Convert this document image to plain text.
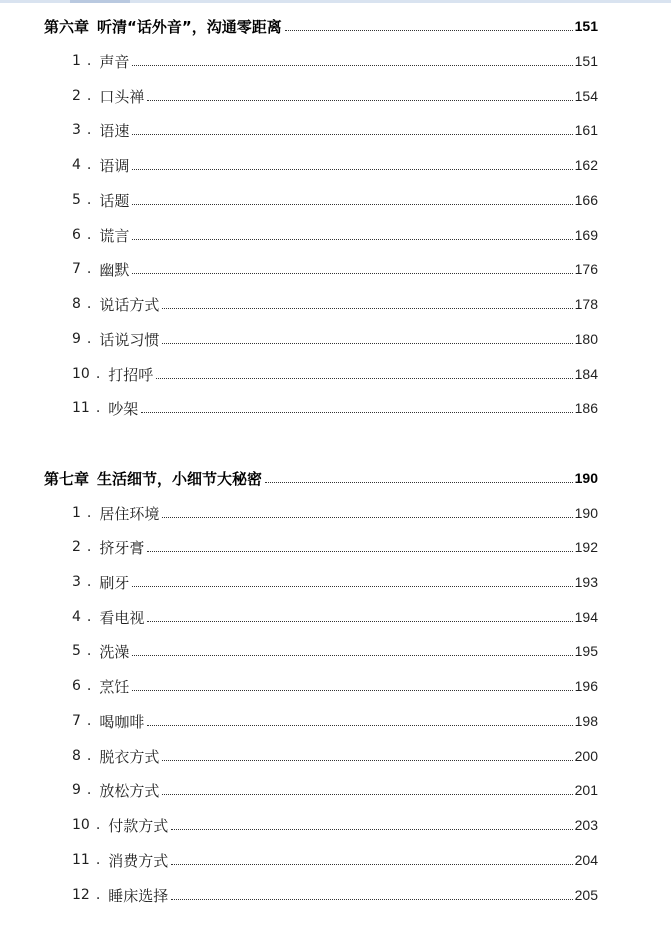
第六章 听清“话外音”，沟通零距离	151
1 . 声音	151
2 . 口头禅	154
3 . 语速	161
4 . 语调	162
5 . 话题	166
6 . 谎言	169
7 . 幽默	176
8 . 说话方式	178
9 . 话说习惯	180
10 . 打招呼	184
11 . 吵架	186
第七章 生活细节，小细节大秘密	190
1 . 居住环境	190
2 . 挤牙膏	192
3 . 刷牙	193
4 . 看电视	194
5 . 洗澡	195
6 . 烹饪	196
7 . 喝咖啡	198
8 . 脱衣方式	200
9 . 放松方式	201
10 . 付款方式	203
11 . 消费方式	204
12 . 睡床选择	205
